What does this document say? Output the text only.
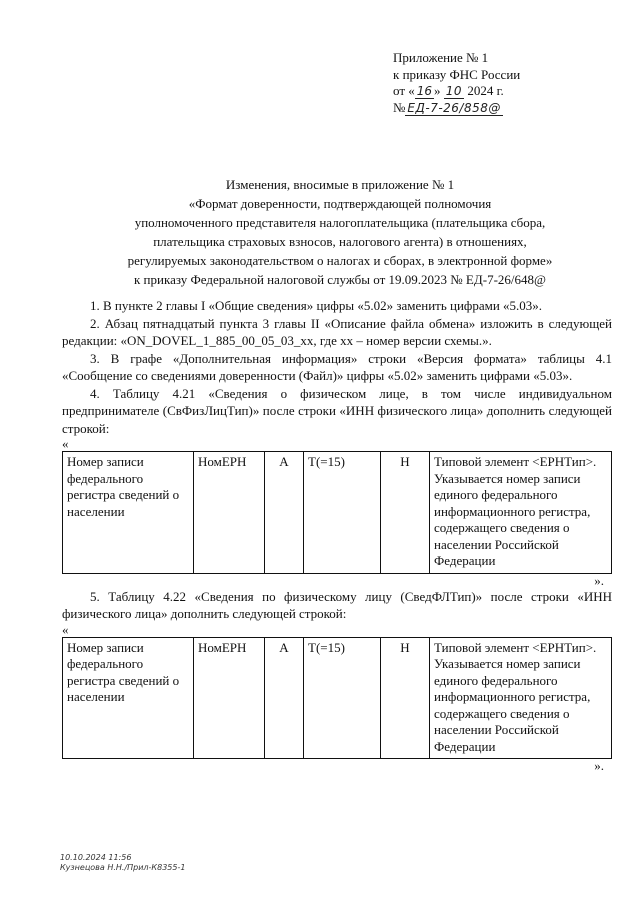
Приложение № 1
к приказу ФНС России
от « 16 » 10 2024 г.
№ ЕД-7-26/858@
Изменения, вносимые в приложение № 1
«Формат доверенности, подтверждающей полномочия
уполномоченного представителя налогоплательщика (плательщика сбора,
плательщика страховых взносов, налогового агента) в отношениях,
регулируемых законодательством о налогах и сборах, в электронной форме»
к приказу Федеральной налоговой службы от 19.09.2023 № ЕД-7-26/648@

1. В пункте 2 главы I «Общие сведения» цифры «5.02» заменить цифрами «5.03».

2. Абзац пятнадцатый пункта 3 главы II «Описание файла обмена» изложить в следующей редакции: «ON_DOVEL_1_885_00_05_03_xx, где хх – номер версии схемы.».

3. В графе «Дополнительная информация» строки «Версия формата» таблицы 4.1 «Сообщение со сведениями доверенности (Файл)» цифры «5.02» заменить цифрами «5.03».

4. Таблицу 4.21 «Сведения о физическом лице, в том числе индивидуальном предпринимателе (СвФизЛицТип)» после строки «ИНН физического лица» дополнить следующей строкой:

«

Номер записи федерального регистра сведений о населении	НомЕРН	А	Т(=15)	Н	Типовой элемент <ЕРНТип>. Указывается номер записи единого федерального информационного регистра, содержащего сведения о населении Российской Федерации

».

5. Таблицу 4.22 «Сведения по физическому лицу (СведФЛТип)» после строки «ИНН физического лица» дополнить следующей строкой:

«

Номер записи федерального регистра сведений о населении	НомЕРН	А	Т(=15)	Н	Типовой элемент <ЕРНТип>. Указывается номер записи единого федерального информационного регистра, содержащего сведения о населении Российской Федерации

».

10.10.2024 11:56
Кузнецова Н.Н./Прил-К8355-1
